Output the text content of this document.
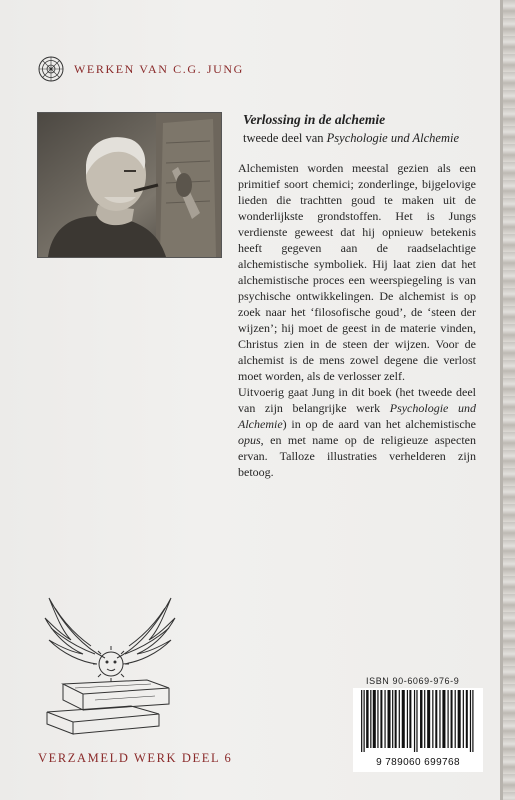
WERKEN VAN C.G. JUNG
Verlossing in de alchemie
tweede deel van Psychologie und Alchemie

Alchemisten worden meestal gezien als een primitief soort chemici; zonderlinge, bijgelovige lieden die trachtten goud te maken uit de wonderlijkste grondstoffen. Het is Jungs verdienste geweest dat hij opnieuw betekenis heeft gegeven aan de raadselachtige alchemistische symboliek. Hij laat zien dat het alchemistische proces een weerspiegeling is van psychische ontwikkelingen. De alchemist is op zoek naar het ‘filosofische goud’, de ‘steen der wijzen’; hij moet de geest in de materie vinden, Christus zien in de steen der wijzen. Voor de alchemist is de mens zowel degene die verlost moet worden, als de verlosser zelf.

Uitvoerig gaat Jung in dit boek (het tweede deel van zijn belangrijke werk Psychologie und Alchemie) in op de aard van het alchemistische opus, en met name op de religieuze aspecten ervan. Talloze illustraties verhelderen zijn betoog.

ISBN 90-6069-976-9
9 789060 699768
VERZAMELD WERK DEEL 6
